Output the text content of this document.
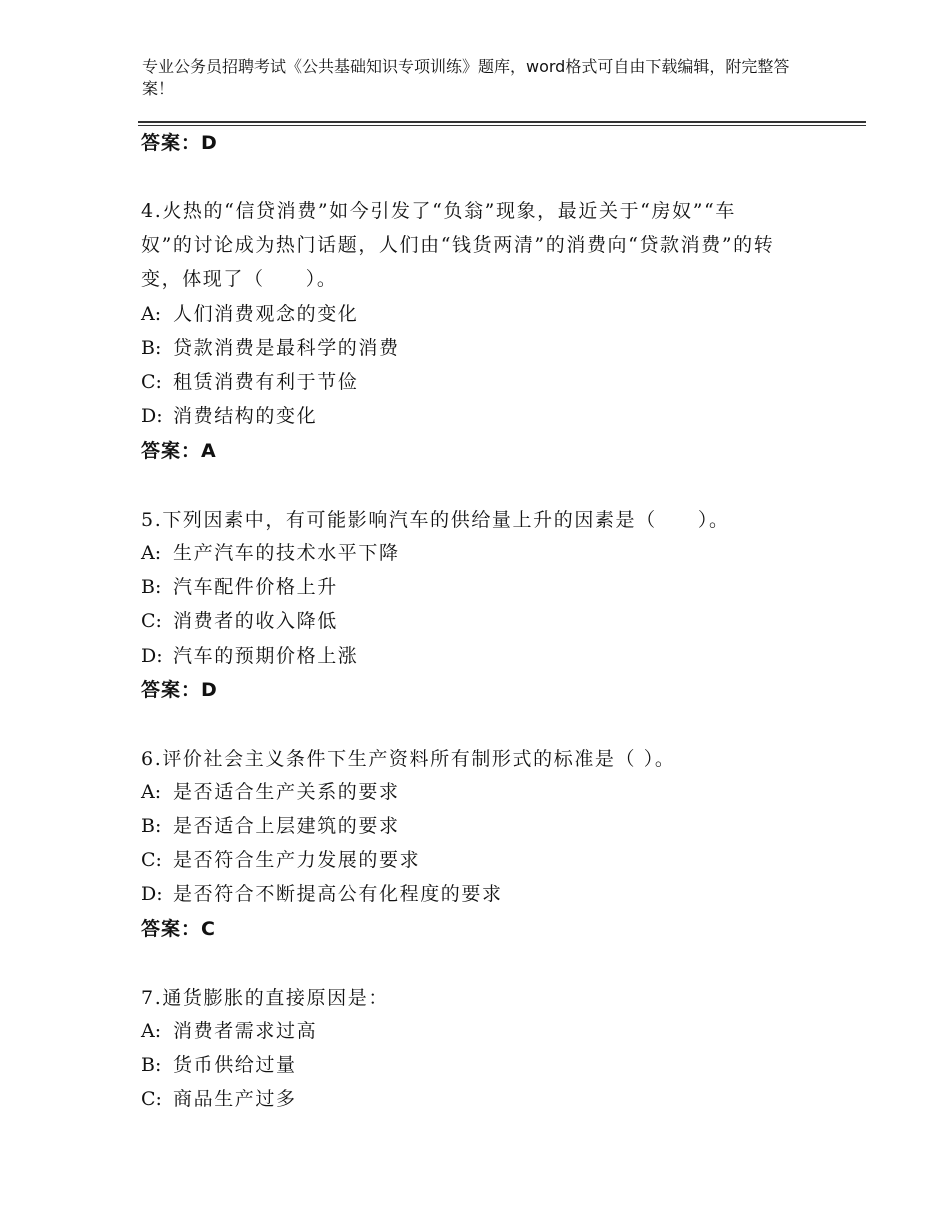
专业公务员招聘考试《公共基础知识专项训练》题库，word格式可自由下载编辑，附完整答案！
答案：D
4.火热的“信贷消费”如今引发了“负翁”现象，最近关于“房奴”“车奴”的讨论成为热门话题，人们由“钱货两清”的消费向“贷款消费”的转变，体现了（　　）。
A: 人们消费观念的变化
B: 贷款消费是最科学的消费
C: 租赁消费有利于节俭
D: 消费结构的变化
答案：A
5.下列因素中，有可能影响汽车的供给量上升的因素是（　　）。
A: 生产汽车的技术水平下降
B: 汽车配件价格上升
C: 消费者的收入降低
D: 汽车的预期价格上涨
答案：D
6.评价社会主义条件下生产资料所有制形式的标准是（ ）。
A: 是否适合生产关系的要求
B: 是否适合上层建筑的要求
C: 是否符合生产力发展的要求
D: 是否符合不断提高公有化程度的要求
答案：C
7.通货膨胀的直接原因是：
A: 消费者需求过高
B: 货币供给过量
C: 商品生产过多
